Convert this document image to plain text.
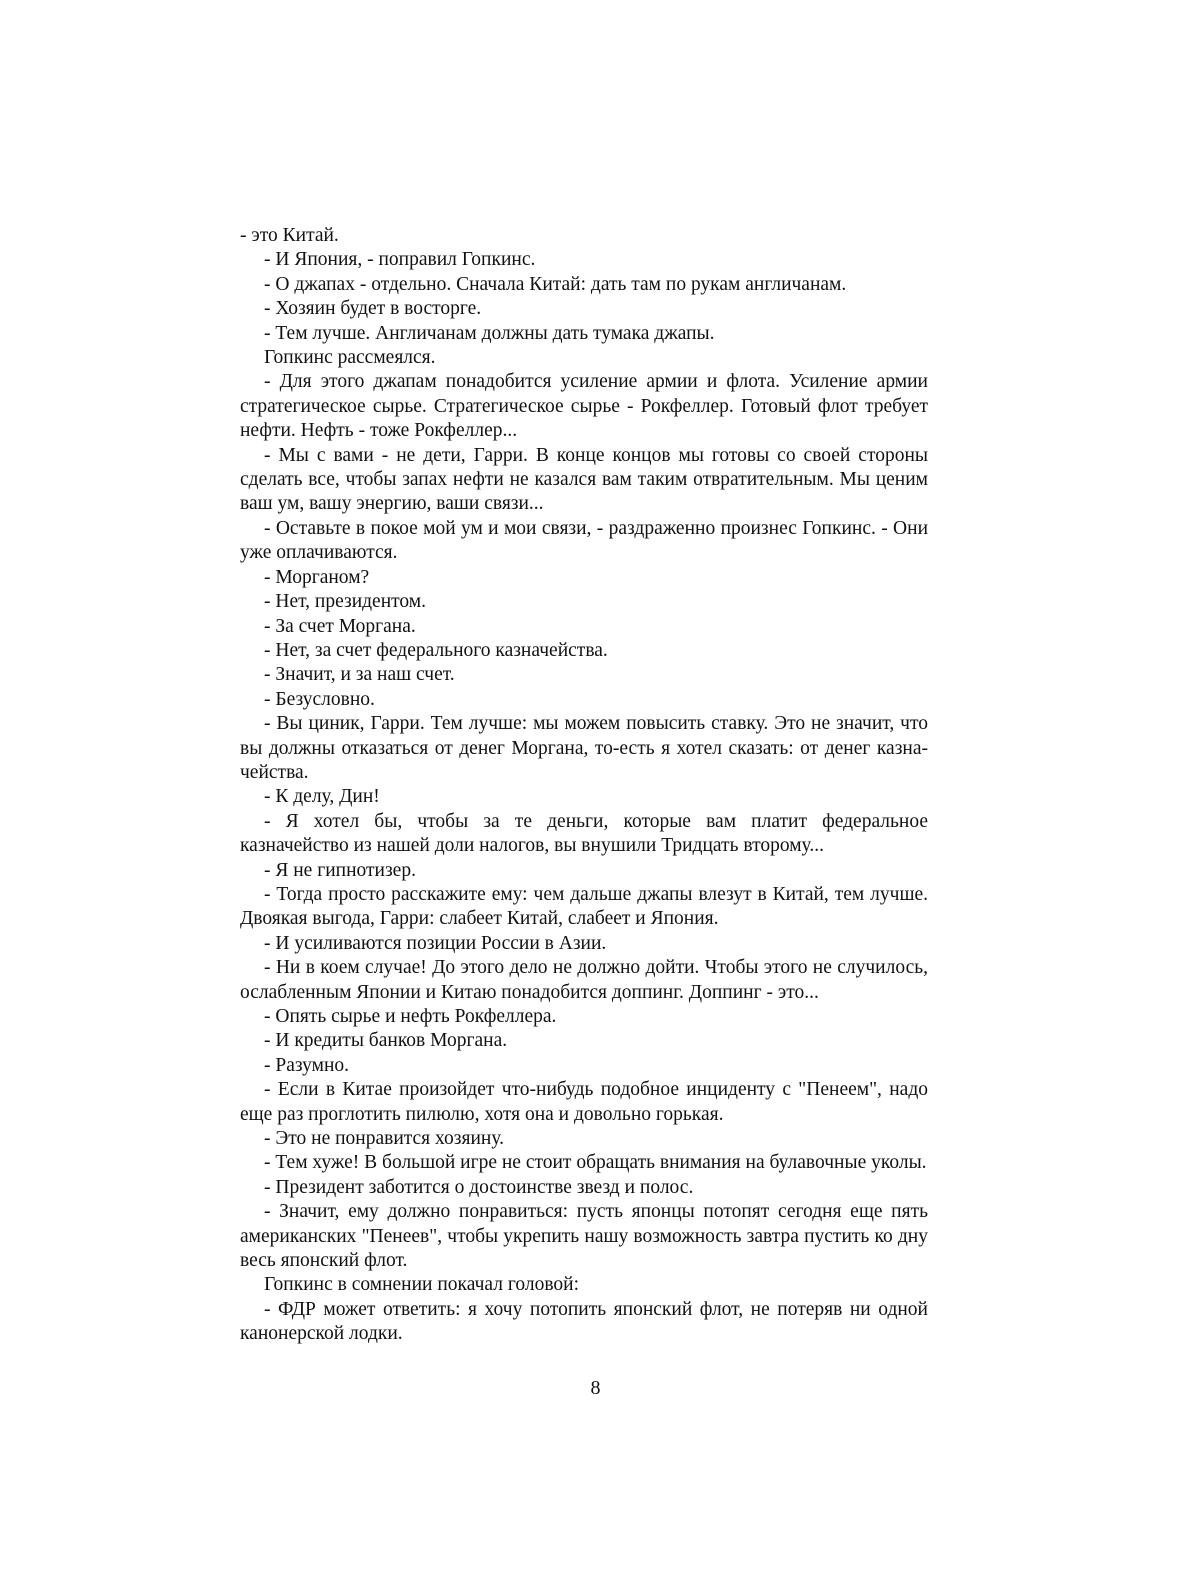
- это Китай.

- И Япония, - поправил Гопкинс.

- О джапах - отдельно. Сначала Китай: дать там по рукам англичанам.

- Хозяин будет в восторге.

- Тем лучше. Англичанам должны дать тумака джапы.

Гопкинс рассмеялся.

- Для этого джапам понадобится усиление армии и флота. Усиление армии стратегическое сырье. Стратегическое сырье - Рокфеллер. Готовый флот требует нефти. Нефть - тоже Рокфеллер...

- Мы с вами - не дети, Гарри. В конце концов мы готовы со своей стороны сделать все, чтобы запах нефти не казался вам таким отвратительным. Мы ценим ваш ум, вашу энергию, ваши связи...

- Оставьте в покое мой ум и мои связи, - раздраженно произнес Гопкинс. - Они уже оплачиваются.

- Морганом?

- Нет, президентом.

- За счет Моргана.

- Нет, за счет федерального казначейства.

- Значит, и за наш счет.

- Безусловно.

- Вы циник, Гарри. Тем лучше: мы можем повысить ставку. Это не значит, что вы должны отказаться от денег Моргана, то-есть я хотел сказать: от денег казначейства.

- К делу, Дин!

- Я хотел бы, чтобы за те деньги, которые вам платит федеральное казначейство из нашей доли налогов, вы внушили Тридцать второму...

- Я не гипнотизер.

- Тогда просто расскажите ему: чем дальше джапы влезут в Китай, тем лучше. Двоякая выгода, Гарри: слабеет Китай, слабеет и Япония.

- И усиливаются позиции России в Азии.

- Ни в коем случае! До этого дело не должно дойти. Чтобы этого не случилось, ослабленным Японии и Китаю понадобится доппинг. Доппинг - это...

- Опять сырье и нефть Рокфеллера.

- И кредиты банков Моргана.

- Разумно.

- Если в Китае произойдет что-нибудь подобное инциденту с "Пенеем", надо еще раз проглотить пилюлю, хотя она и довольно горькая.

- Это не понравится хозяину.

- Тем хуже! В большой игре не стоит обращать внимания на булавочные уколы.

- Президент заботится о достоинстве звезд и полос.

- Значит, ему должно понравиться: пусть японцы потопят сегодня еще пять американских "Пенеев", чтобы укрепить нашу возможность завтра пустить ко дну весь японский флот.

Гопкинс в сомнении покачал головой:

- ФДР может ответить: я хочу потопить японский флот, не потеряв ни одной канонерской лодки.

8
